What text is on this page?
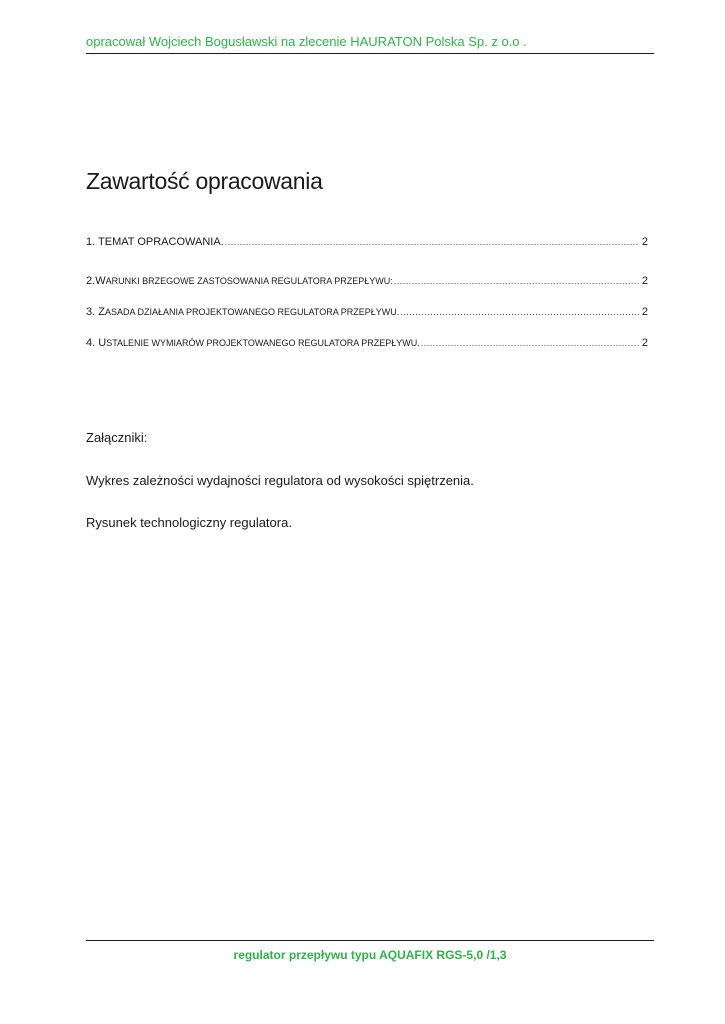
opracował Wojciech Bogusławski na zlecenie HAURATON Polska Sp. z o.o .
Zawartość opracowania
1. TEMAT OPRACOWANIA. .....	2
2.WARUNKI BRZEGOWE ZASTOSOWANIA REGULATORA PRZEPŁYWU: .....	2
3. ZASADA DZIAŁANIA PROJEKTOWANEGO REGULATORA PRZEPŁYWU. .....	2
4. USTALENIE WYMIARÓW PROJEKTOWANEGO REGULATORA PRZEPŁYWU. .....	2
Załączniki:
Wykres zależności wydajności regulatora od wysokości spiętrzenia.
Rysunek technologiczny regulatora.
regulator przepływu typu AQUAFIX RGS-5,0 /1,3
